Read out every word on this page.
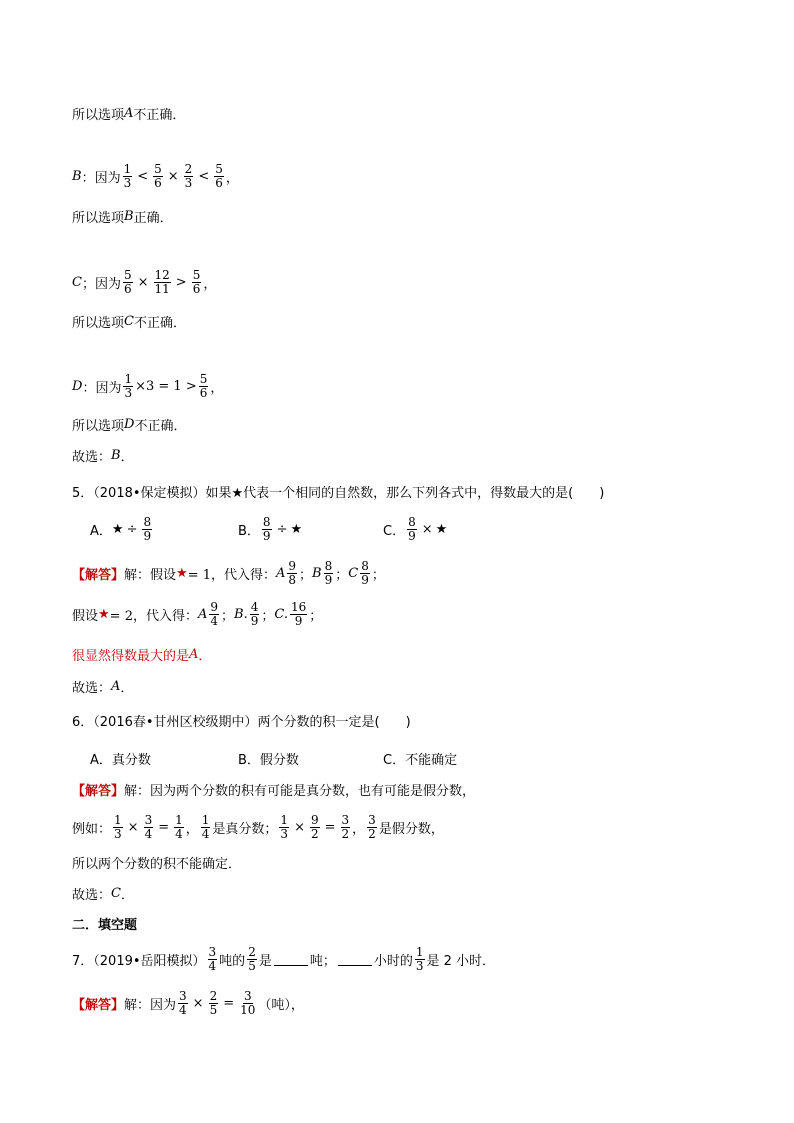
所以选项 A 不正确．
B ：因为 $\frac{1}{3} < \frac{5}{6} \times \frac{2}{3} < \frac{5}{6}$ ，
所以选项 B 正确．
C ；因为 $\frac{5}{6} \times \frac{12}{11} > \frac{5}{6}$ ，
所以选项 C 不正确．
D ：因为 $\frac{1}{3} \times 3 = 1 > \frac{5}{6}$ ，
所以选项 D 不正确．
故选： B ．
5．（2018•保定模拟）如果★代表一个相同的自然数，那么下列各式中，得数最大的是(　　)
A． ★ ÷ $\frac{8}{9}$	B． $\frac{8}{9}$ ÷ ★	C． $\frac{8}{9}$ × ★
【解答】 解：假设 ★ = 1，代入得： A $\frac{9}{8}$ ； B $\frac{8}{9}$ ； C $\frac{8}{9}$ ；
假设 ★ = 2，代入得： A $\frac{9}{4}$ ； B. $\frac{4}{9}$ ； C. $\frac{16}{9}$ ；
很显然得数最大的是 A ．
故选： A ．
6．（2016春•甘州区校级期中）两个分数的积一定是(　　)
A．真分数	B．假分数	C．不能确定
【解答】 解：因为两个分数的积有可能是真分数，也有可能是假分数，
例如： $\frac{1}{3} \times \frac{3}{4} = \frac{1}{4}$ ， $\frac{1}{4}$ 是真分数； $\frac{1}{3} \times \frac{9}{2} = \frac{3}{2}$ ， $\frac{3}{2}$ 是假分数，
所以两个分数的积不能确定．
故选： C ．
二．填空题
7．（2019•岳阳模拟） $\frac{3}{4}$ 吨的 $\frac{2}{5}$ 是	吨；	小时的 $\frac{1}{3}$ 是 2 小时．
【解答】 解：因为 $\frac{3}{4} \times \frac{2}{5} = \frac{3}{10}$ （吨），
